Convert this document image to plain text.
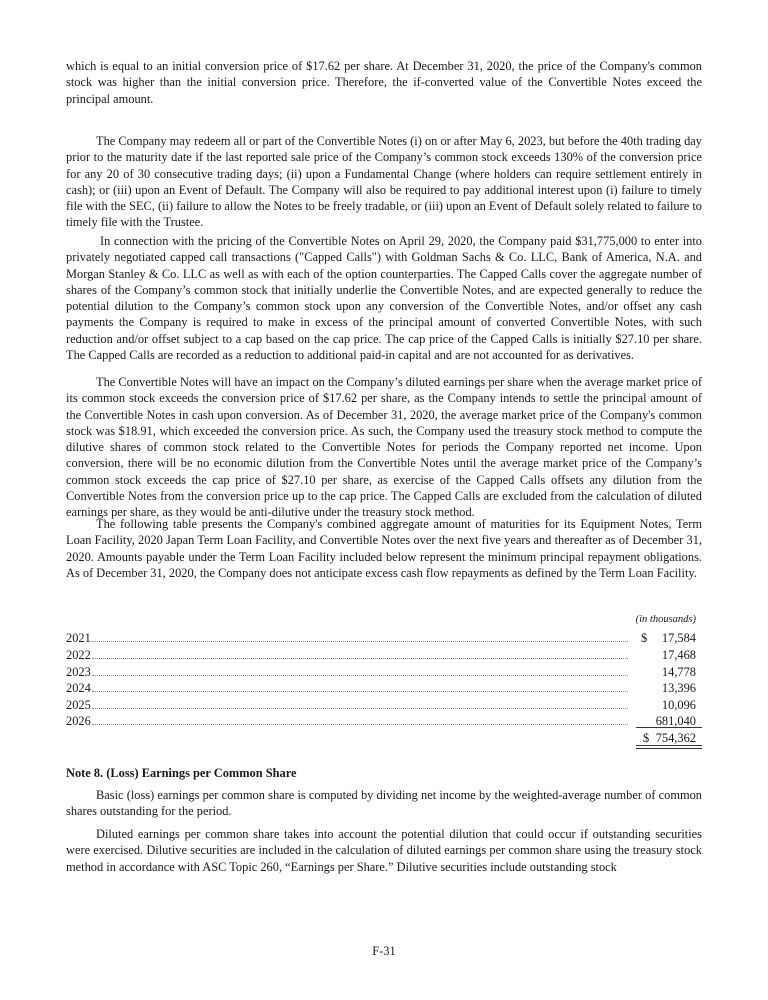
which is equal to an initial conversion price of $17.62 per share. At December 31, 2020, the price of the Company's common stock was higher than the initial conversion price. Therefore, the if-converted value of the Convertible Notes exceed the principal amount.

The Company may redeem all or part of the Convertible Notes (i) on or after May 6, 2023, but before the 40th trading day prior to the maturity date if the last reported sale price of the Company’s common stock exceeds 130% of the conversion price for any 20 of 30 consecutive trading days; (ii) upon a Fundamental Change (where holders can require settlement entirely in cash); or (iii) upon an Event of Default. The Company will also be required to pay additional interest upon (i) failure to timely file with the SEC, (ii) failure to allow the Notes to be freely tradable, or (iii) upon an Event of Default solely related to failure to timely file with the Trustee.

In connection with the pricing of the Convertible Notes on April 29, 2020, the Company paid $31,775,000 to enter into privately negotiated capped call transactions ("Capped Calls") with Goldman Sachs & Co. LLC, Bank of America, N.A. and Morgan Stanley & Co. LLC as well as with each of the option counterparties. The Capped Calls cover the aggregate number of shares of the Company’s common stock that initially underlie the Convertible Notes, and are expected generally to reduce the potential dilution to the Company’s common stock upon any conversion of the Convertible Notes, and/or offset any cash payments the Company is required to make in excess of the principal amount of converted Convertible Notes, with such reduction and/or offset subject to a cap based on the cap price. The cap price of the Capped Calls is initially $27.10 per share. The Capped Calls are recorded as a reduction to additional paid-in capital and are not accounted for as derivatives.

The Convertible Notes will have an impact on the Company’s diluted earnings per share when the average market price of its common stock exceeds the conversion price of $17.62 per share, as the Company intends to settle the principal amount of the Convertible Notes in cash upon conversion. As of December 31, 2020, the average market price of the Company's common stock was $18.91, which exceeded the conversion price. As such, the Company used the treasury stock method to compute the dilutive shares of common stock related to the Convertible Notes for periods the Company reported net income. Upon conversion, there will be no economic dilution from the Convertible Notes until the average market price of the Company’s common stock exceeds the cap price of $27.10 per share, as exercise of the Capped Calls offsets any dilution from the Convertible Notes from the conversion price up to the cap price. The Capped Calls are excluded from the calculation of diluted earnings per share, as they would be anti-dilutive under the treasury stock method.

The following table presents the Company's combined aggregate amount of maturities for its Equipment Notes, Term Loan Facility, 2020 Japan Term Loan Facility, and Convertible Notes over the next five years and thereafter as of December 31, 2020. Amounts payable under the Term Loan Facility included below represent the minimum principal repayment obligations. As of December 31, 2020, the Company does not anticipate excess cash flow repayments as defined by the Term Loan Facility.

(in thousands)
2021	$ 17,584
2022	17,468
2023	14,778
2024	13,396
2025	10,096
2026	681,040
$ 754,362
Note 8. (Loss) Earnings per Common Share

Basic (loss) earnings per common share is computed by dividing net income by the weighted-average number of common shares outstanding for the period.

Diluted earnings per common share takes into account the potential dilution that could occur if outstanding securities were exercised. Dilutive securities are included in the calculation of diluted earnings per common share using the treasury stock method in accordance with ASC Topic 260, “Earnings per Share.” Dilutive securities include outstanding stock

F-31
